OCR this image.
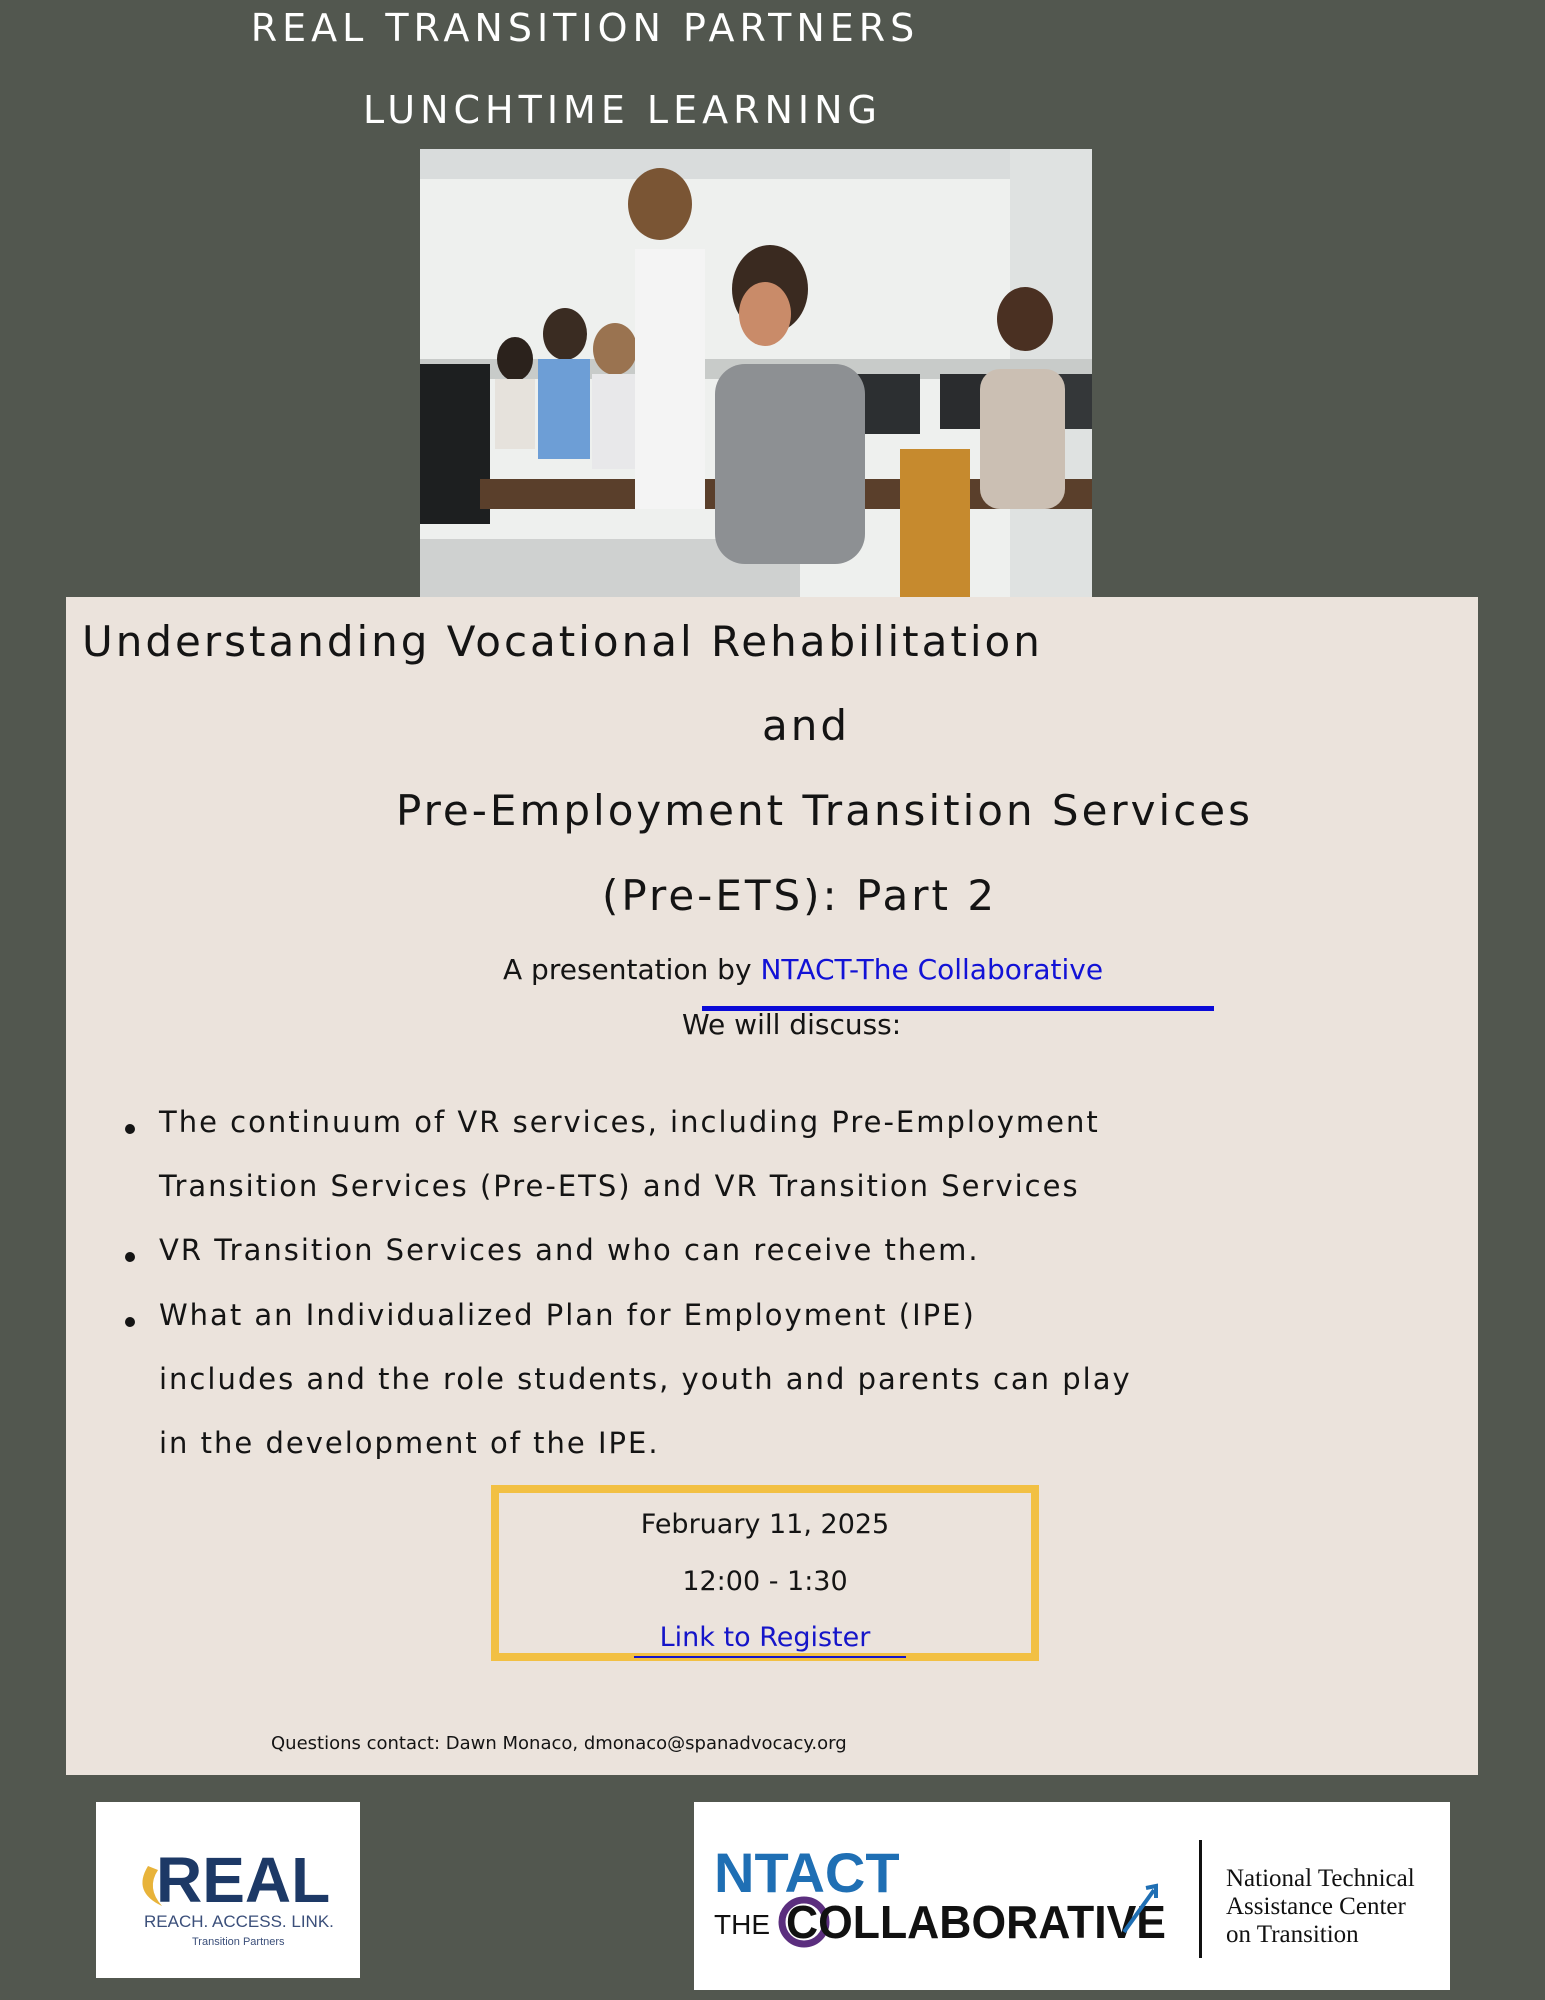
REAL TRANSITION PARTNERS
LUNCHTIME LEARNING
Understanding Vocational Rehabilitation
and
Pre-Employment Transition Services
(Pre-ETS): Part 2

A presentation by NTACT-The Collaborative

We will discuss:

The continuum of VR services, including Pre-Employment

Transition Services (Pre-ETS) and VR Transition Services

VR Transition Services and who can receive them.

What an Individualized Plan for Employment (IPE)

includes and the role students, youth and parents can play

in the development of the IPE.

February 11, 2025

12:00 - 1:30

Link to Register

Questions contact: Dawn Monaco, dmonaco@spanadvocacy.org

REAL
REACH. ACCESS. LINK.
Transition Partners
NTACT
THE COLLABORATIVE
National Technical
Assistance Center
on Transition
